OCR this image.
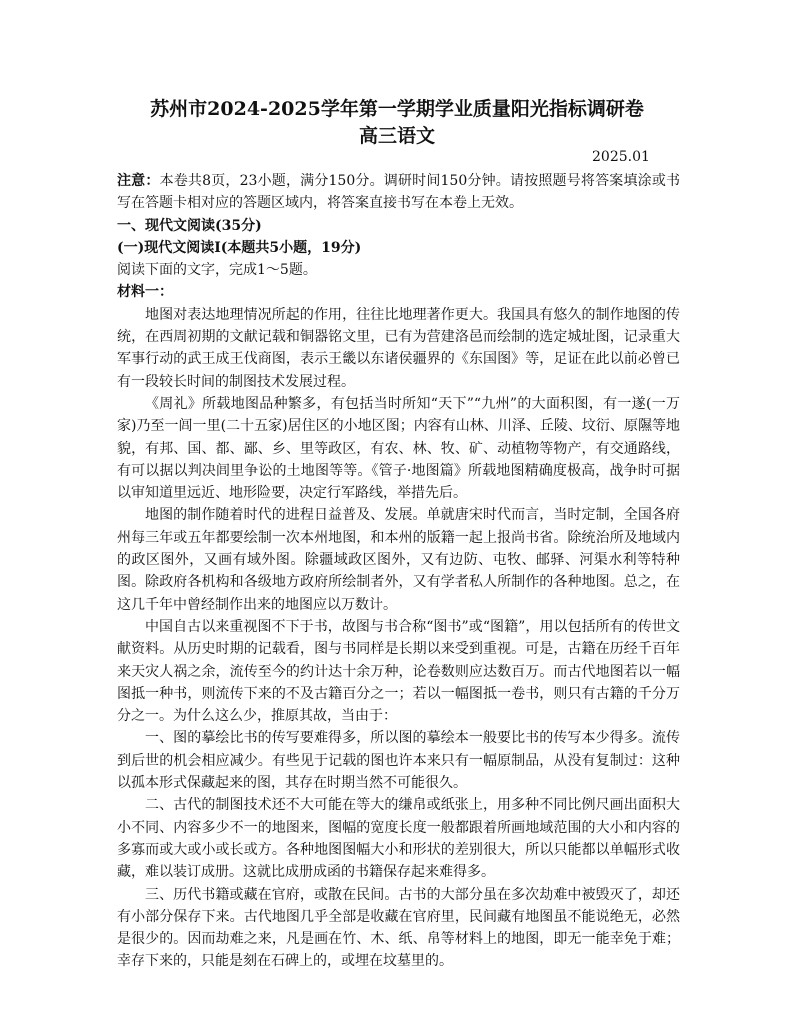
苏州市2024-2025学年第一学期学业质量阳光指标调研卷
高三语文
2025.01

注意：本卷共8页，23小题，满分150分。调研时间150分钟。请按照题号将答案填涂或书写在答题卡相对应的答题区域内，将答案直接书写在本卷上无效。

一、现代文阅读(35分)

(一)现代文阅读Ⅰ(本题共5小题，19分)

阅读下面的文字，完成1～5题。

材料一：

地图对表达地理情况所起的作用，往往比地理著作更大。我国具有悠久的制作地图的传统，在西周初期的文献记载和铜器铭文里，已有为营建洛邑而绘制的选定城址图，记录重大军事行动的武王成王伐商图，表示王畿以东诸侯疆界的《东国图》等，足证在此以前必曾已有一段较长时间的制图技术发展过程。

《周礼》所载地图品种繁多，有包括当时所知“天下”“九州”的大面积图，有一遂(一万家)乃至一闾一里(二十五家)居住区的小地区图；内容有山林、川泽、丘陵、坟衍、原隰等地貌，有邦、国、都、鄙、乡、里等政区，有农、林、牧、矿、动植物等物产，有交通路线，有可以据以判决闾里争讼的土地图等等。《管子·地图篇》所载地图精确度极高，战争时可据以审知道里远近、地形险要，决定行军路线，举措先后。

地图的制作随着时代的进程日益普及、发展。单就唐宋时代而言，当时定制，全国各府州每三年或五年都要绘制一次本州地图，和本州的版籍一起上报尚书省。除统治所及地域内的政区图外，又画有域外图。除疆域政区图外，又有边防、屯牧、邮驿、河渠水利等特种图。除政府各机构和各级地方政府所绘制者外，又有学者私人所制作的各种地图。总之，在这几千年中曾经制作出来的地图应以万数计。

中国自古以来重视图不下于书，故图与书合称“图书”或“图籍”，用以包括所有的传世文献资料。从历史时期的记载看，图与书同样是长期以来受到重视。可是，古籍在历经千百年来天灾人祸之余，流传至今的约计达十余万种，论卷数则应达数百万。而古代地图若以一幅图抵一种书，则流传下来的不及古籍百分之一；若以一幅图抵一卷书，则只有古籍的千分万分之一。为什么这么少，推原其故，当由于：

一、图的摹绘比书的传写要难得多，所以图的摹绘本一般要比书的传写本少得多。流传到后世的机会相应减少。有些见于记载的图也许本来只有一幅原制品，从没有复制过：这种以孤本形式保藏起来的图，其存在时期当然不可能很久。

二、古代的制图技术还不大可能在等大的缣帛或纸张上，用多种不同比例尺画出面积大小不同、内容多少不一的地图来，图幅的宽度长度一般都跟着所画地域范围的大小和内容的多寡而或大或小或长或方。各种地图图幅大小和形状的差别很大，所以只能都以单幅形式收藏，难以装订成册。这就比成册成函的书籍保存起来难得多。

三、历代书籍或藏在官府，或散在民间。古书的大部分虽在多次劫难中被毁灭了，却还有小部分保存下来。古代地图几乎全部是收藏在官府里，民间藏有地图虽不能说绝无，必然是很少的。因而劫难之来，凡是画在竹、木、纸、帛等材料上的地图，即无一能幸免于难；幸存下来的，只能是刻在石碑上的，或埋在坟墓里的。
